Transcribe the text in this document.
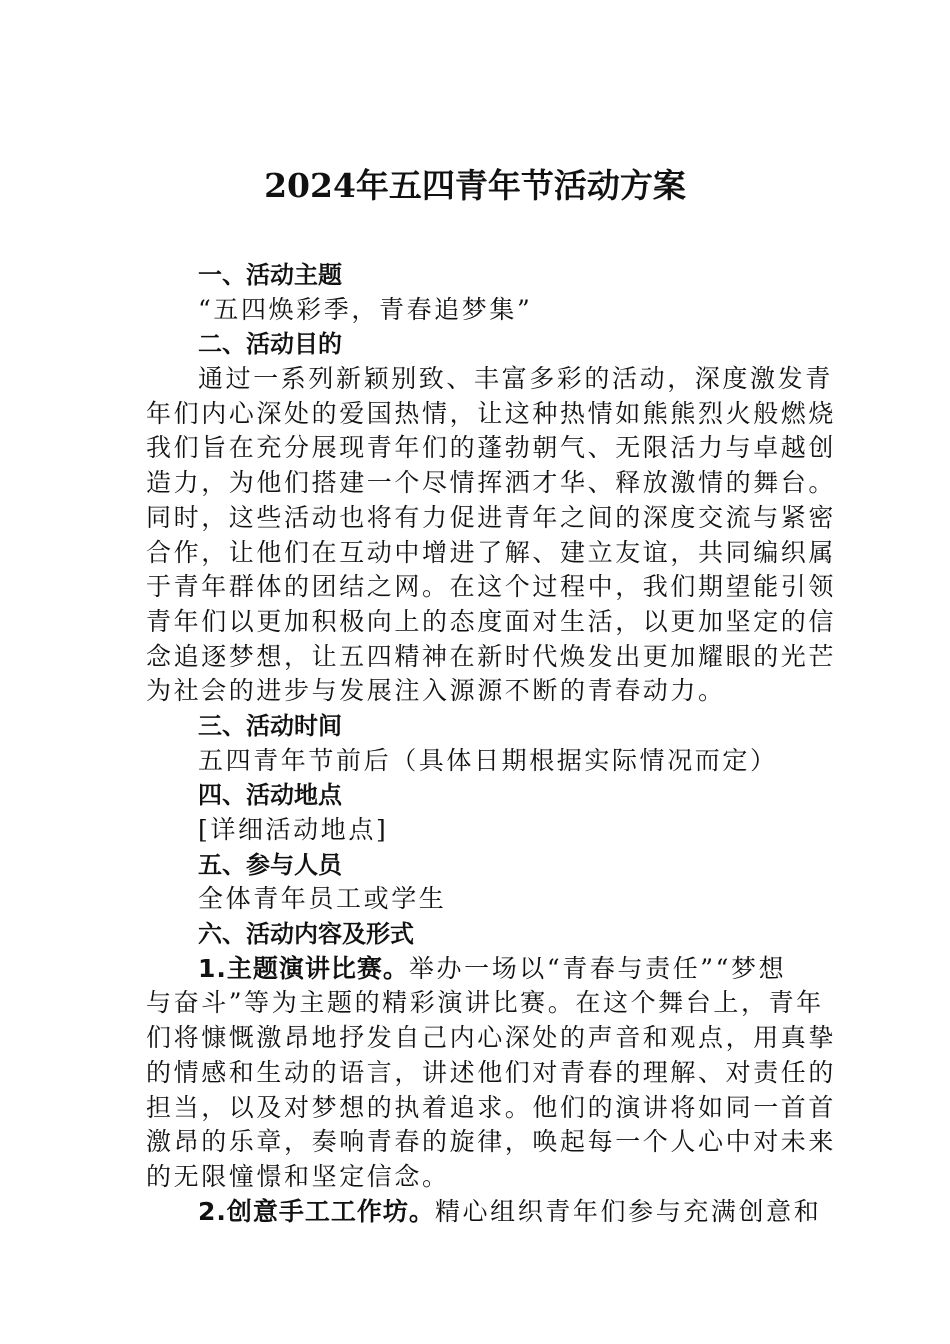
2024年五四青年节活动方案
一、活动主题
“五四焕彩季，青春追梦集”
二、活动目的
通过一系列新颖别致、丰富多彩的活动，深度激发青
年们内心深处的爱国热情，让这种热情如熊熊烈火般燃烧
我们旨在充分展现青年们的蓬勃朝气、无限活力与卓越创
造力，为他们搭建一个尽情挥洒才华、释放激情的舞台。
同时，这些活动也将有力促进青年之间的深度交流与紧密
合作，让他们在互动中增进了解、建立友谊，共同编织属
于青年群体的团结之网。在这个过程中，我们期望能引领
青年们以更加积极向上的态度面对生活，以更加坚定的信
念追逐梦想，让五四精神在新时代焕发出更加耀眼的光芒
为社会的进步与发展注入源源不断的青春动力。
三、活动时间
五四青年节前后（具体日期根据实际情况而定）
四、活动地点
[详细活动地点]
五、参与人员
全体青年员工或学生
六、活动内容及形式
1.主题演讲比赛。举办一场以“青春与责任”“梦想
与奋斗”等为主题的精彩演讲比赛。在这个舞台上，青年
们将慷慨激昂地抒发自己内心深处的声音和观点，用真挚
的情感和生动的语言，讲述他们对青春的理解、对责任的
担当，以及对梦想的执着追求。他们的演讲将如同一首首
激昂的乐章，奏响青春的旋律，唤起每一个人心中对未来
的无限憧憬和坚定信念。
2.创意手工工作坊。精心组织青年们参与充满创意和
